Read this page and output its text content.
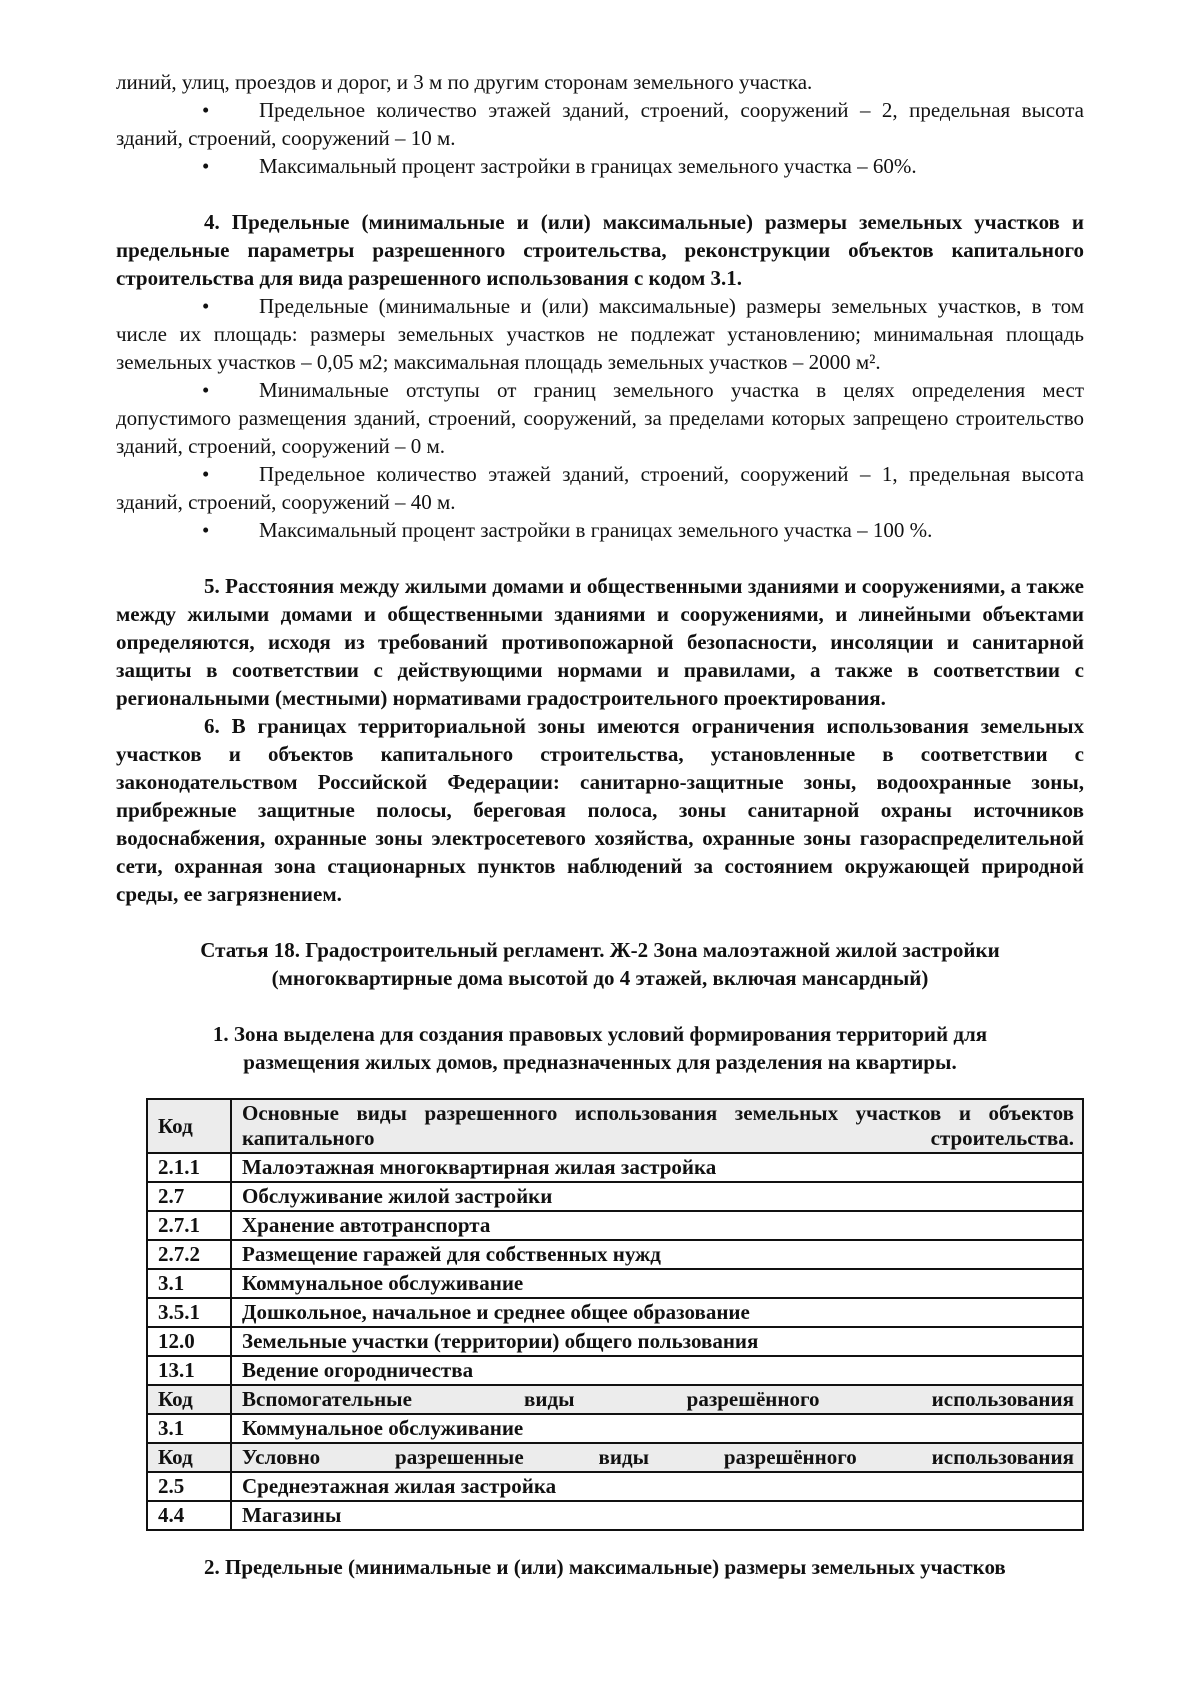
линий, улиц, проездов и дорог, и 3 м по другим сторонам земельного участка.

• Предельное количество этажей зданий, строений, сооружений – 2, предельная высота зданий, строений, сооружений – 10 м.

• Максимальный процент застройки в границах земельного участка – 60%.

4. Предельные (минимальные и (или) максимальные) размеры земельных участков и предельные параметры разрешенного строительства, реконструкции объектов капитального строительства для вида разрешенного использования с кодом 3.1.

• Предельные (минимальные и (или) максимальные) размеры земельных участков, в том числе их площадь: размеры земельных участков не подлежат установлению; минимальная площадь земельных участков – 0,05 м2; максимальная площадь земельных участков – 2000 м².

• Минимальные отступы от границ земельного участка в целях определения мест допустимого размещения зданий, строений, сооружений, за пределами которых запрещено строительство зданий, строений, сооружений – 0 м.

• Предельное количество этажей зданий, строений, сооружений – 1, предельная высота зданий, строений, сооружений – 40 м.

• Максимальный процент застройки в границах земельного участка – 100 %.

5. Расстояния между жилыми домами и общественными зданиями и сооружениями, а также между жилыми домами и общественными зданиями и сооружениями, и линейными объектами определяются, исходя из требований противопожарной безопасности, инсоляции и санитарной защиты в соответствии с действующими нормами и правилами, а также в соответствии с региональными (местными) нормативами градостроительного проектирования.

6. В границах территориальной зоны имеются ограничения использования земельных участков и объектов капитального строительства, установленные в соответствии с законодательством Российской Федерации: санитарно-защитные зоны, водоохранные зоны, прибрежные защитные полосы, береговая полоса, зоны санитарной охраны источников водоснабжения, охранные зоны электросетевого хозяйства, охранные зоны газораспределительной сети, охранная зона стационарных пунктов наблюдений за состоянием окружающей природной среды, ее загрязнением.

Статья 18. Градостроительный регламент. Ж-2 Зона малоэтажной жилой застройки

(многоквартирные дома высотой до 4 этажей, включая мансардный)

1. Зона выделена для создания правовых условий формирования территорий для

размещения жилых домов, предназначенных для разделения на квартиры.

Код	Основные виды разрешенного использования земельных участков и объектов капитального строительства.
2.1.1	Малоэтажная многоквартирная жилая застройка
2.7	Обслуживание жилой застройки
2.7.1	Хранение автотранспорта
2.7.2	Размещение гаражей для собственных нужд
3.1	Коммунальное обслуживание
3.5.1	Дошкольное, начальное и среднее общее образование
12.0	Земельные участки (территории) общего пользования
13.1	Ведение огородничества
Код	Вспомогательные виды разрешённого использования
3.1	Коммунальное обслуживание
Код	Условно разрешенные виды разрешённого использования
2.5	Среднеэтажная жилая застройка
4.4	Магазины

2. Предельные (минимальные и (или) максимальные) размеры земельных участков
